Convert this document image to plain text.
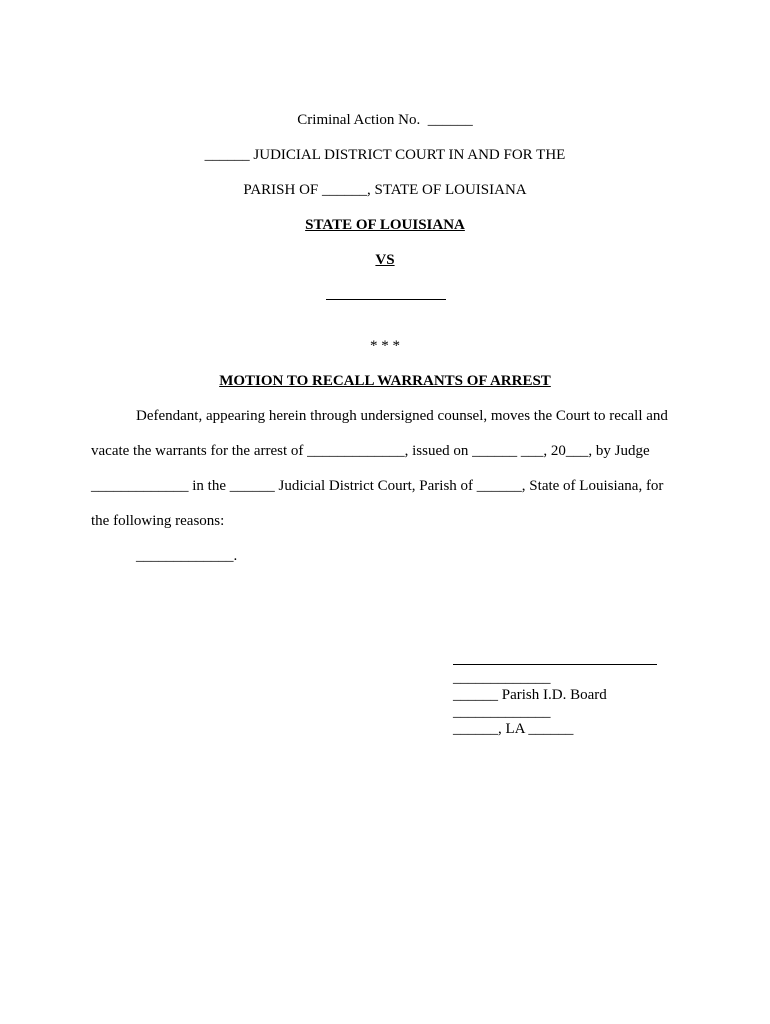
Criminal Action No.  ______
______ JUDICIAL DISTRICT COURT IN AND FOR THE
PARISH OF ______, STATE OF LOUISIANA
STATE OF LOUISIANA
VS
* * *
MOTION TO RECALL WARRANTS OF ARREST
Defendant, appearing herein through undersigned counsel, moves the Court to recall and
vacate the warrants for the arrest of _____________, issued on ______ ___, 20___, by Judge
_____________ in the ______ Judicial District Court, Parish of ______, State of Louisiana, for
the following reasons:
_____________.
_____________
______ Parish I.D. Board
_____________
______, LA ______
